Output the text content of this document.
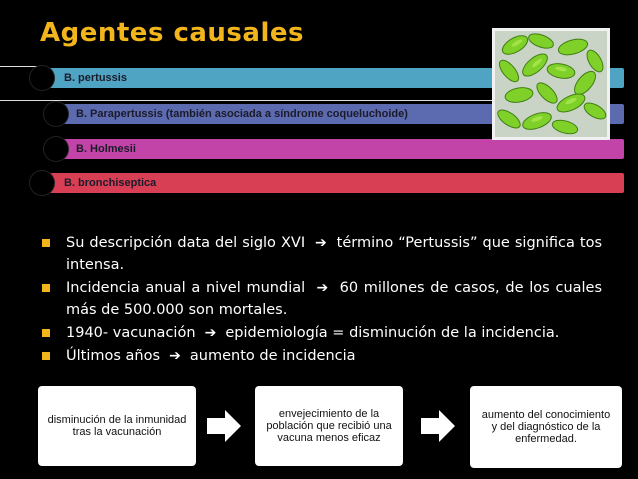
Agentes causales
B. pertussis
B. Parapertussis (también asociada a síndrome coqueluchoide)
B. Holmesii
B. bronchiseptica
Su descripción data del siglo XVI  ➔  término “Pertussis” que significa tos intensa.
Incidencia anual a nivel mundial  ➔  60 millones de casos, de los cuales más de 500.000 son mortales.
1940- vacunación  ➔  epidemiología = disminución de la incidencia.
Últimos años  ➔  aumento de incidencia
disminución de la inmunidad tras la vacunación
envejecimiento de la población que recibió una vacuna menos eficaz
aumento del conocimiento y del diagnóstico de la enfermedad.
